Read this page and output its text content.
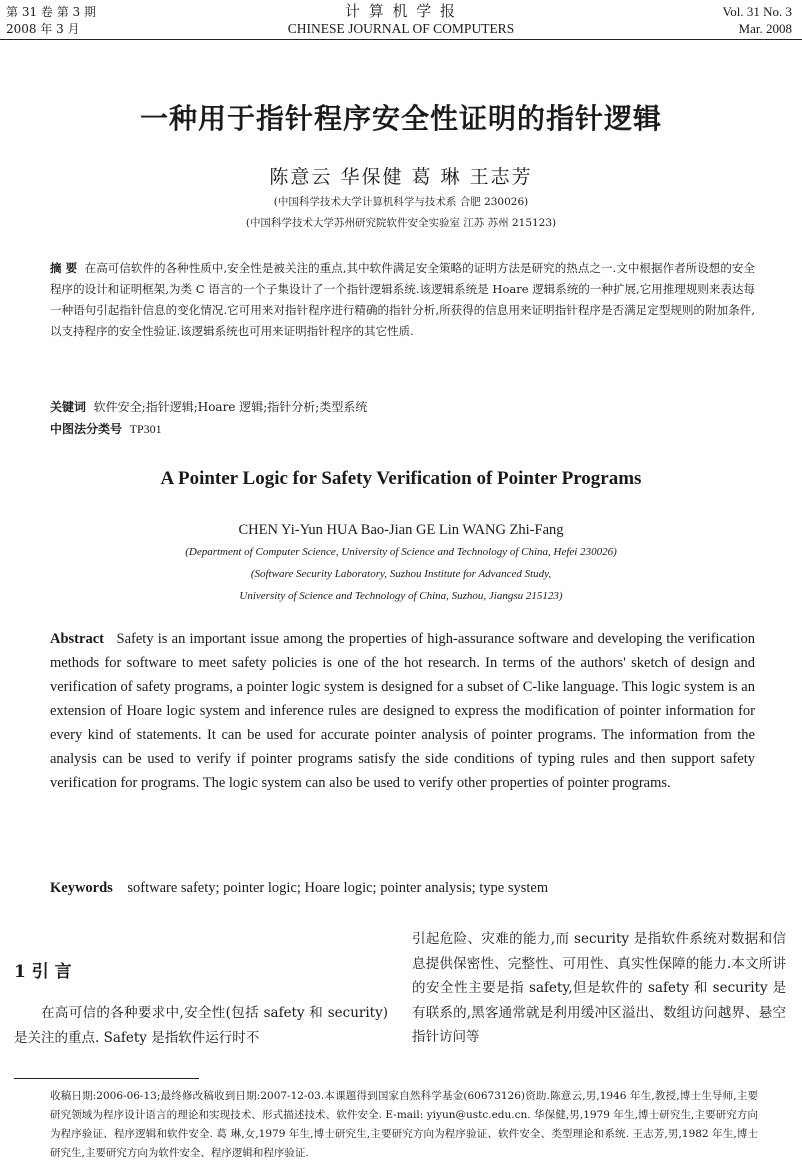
第 31 卷 第 3 期
2008 年 3 月
计 算 机 学 报
CHINESE JOURNAL OF COMPUTERS
Vol. 31 No. 3
Mar. 2008
一种用于指针程序安全性证明的指针逻辑
陈意云 华保健 葛 琳 王志芳
(中国科学技术大学计算机科学与技术系 合肥 230026)
(中国科学技术大学苏州研究院软件安全实验室 江苏 苏州 215123)
摘 要 在高可信软件的各种性质中,安全性是被关注的重点,其中软件满足安全策略的证明方法是研究的热点之一.文中根据作者所设想的安全程序的设计和证明框架,为类 C 语言的一个子集设计了一个指针逻辑系统.该逻辑系统是 Hoare 逻辑系统的一种扩展,它用推理规则来表达每一种语句引起指针信息的变化情况.它可用来对指针程序进行精确的指针分析,所获得的信息用来证明指针程序是否满足定型规则的附加条件,以支持程序的安全性验证.该逻辑系统也可用来证明指针程序的其它性质.
关键词 软件安全;指针逻辑;Hoare 逻辑;指针分析;类型系统
中图法分类号 TP301
A Pointer Logic for Safety Verification of Pointer Programs
CHEN Yi-Yun HUA Bao-Jian GE Lin WANG Zhi-Fang
(Department of Computer Science, University of Science and Technology of China, Hefei 230026)
(Software Security Laboratory, Suzhou Institute for Advanced Study,
University of Science and Technology of China, Suzhou, Jiangsu 215123)
Abstract Safety is an important issue among the properties of high-assurance software and developing the verification methods for software to meet safety policies is one of the hot research. In terms of the authors' sketch of design and verification of safety programs, a pointer logic system is designed for a subset of C-like language. This logic system is an extension of Hoare logic system and inference rules are designed to express the modification of pointer information for every kind of statements. It can be used for accurate pointer analysis of pointer programs. The information from the analysis can be used to verify if pointer programs satisfy the side conditions of typing rules and then support safety verification for programs. The logic system can also be used to verify other properties of pointer programs.
Keywords software safety; pointer logic; Hoare logic; pointer analysis; type system
1 引 言
在高可信的各种要求中,安全性(包括 safety 和 security)是关注的重点. Safety 是指软件运行时不
引起危险、灾难的能力,而 security 是指软件系统对数据和信息提供保密性、完整性、可用性、真实性保障的能力.本文所讲的安全性主要是指 safety,但是软件的 safety 和 security 是有联系的,黑客通常就是利用缓冲区溢出、数组访问越界、悬空指针访问等
收稿日期:2006-06-13;最终修改稿收到日期:2007-12-03.本课题得到国家自然科学基金(60673126)资助.陈意云,男,1946 年生,教授,博士生导师,主要研究领域为程序设计语言的理论和实现技术、形式描述技术、软件安全. E-mail: yiyun@ustc.edu.cn. 华保健,男,1979 年生,博士研究生,主要研究方向为程序验证、程序逻辑和软件安全. 葛 琳,女,1979 年生,博士研究生,主要研究方向为程序验证、软件安全、类型理论和系统. 王志芳,男,1982 年生,博士研究生,主要研究方向为软件安全、程序逻辑和程序验证.
